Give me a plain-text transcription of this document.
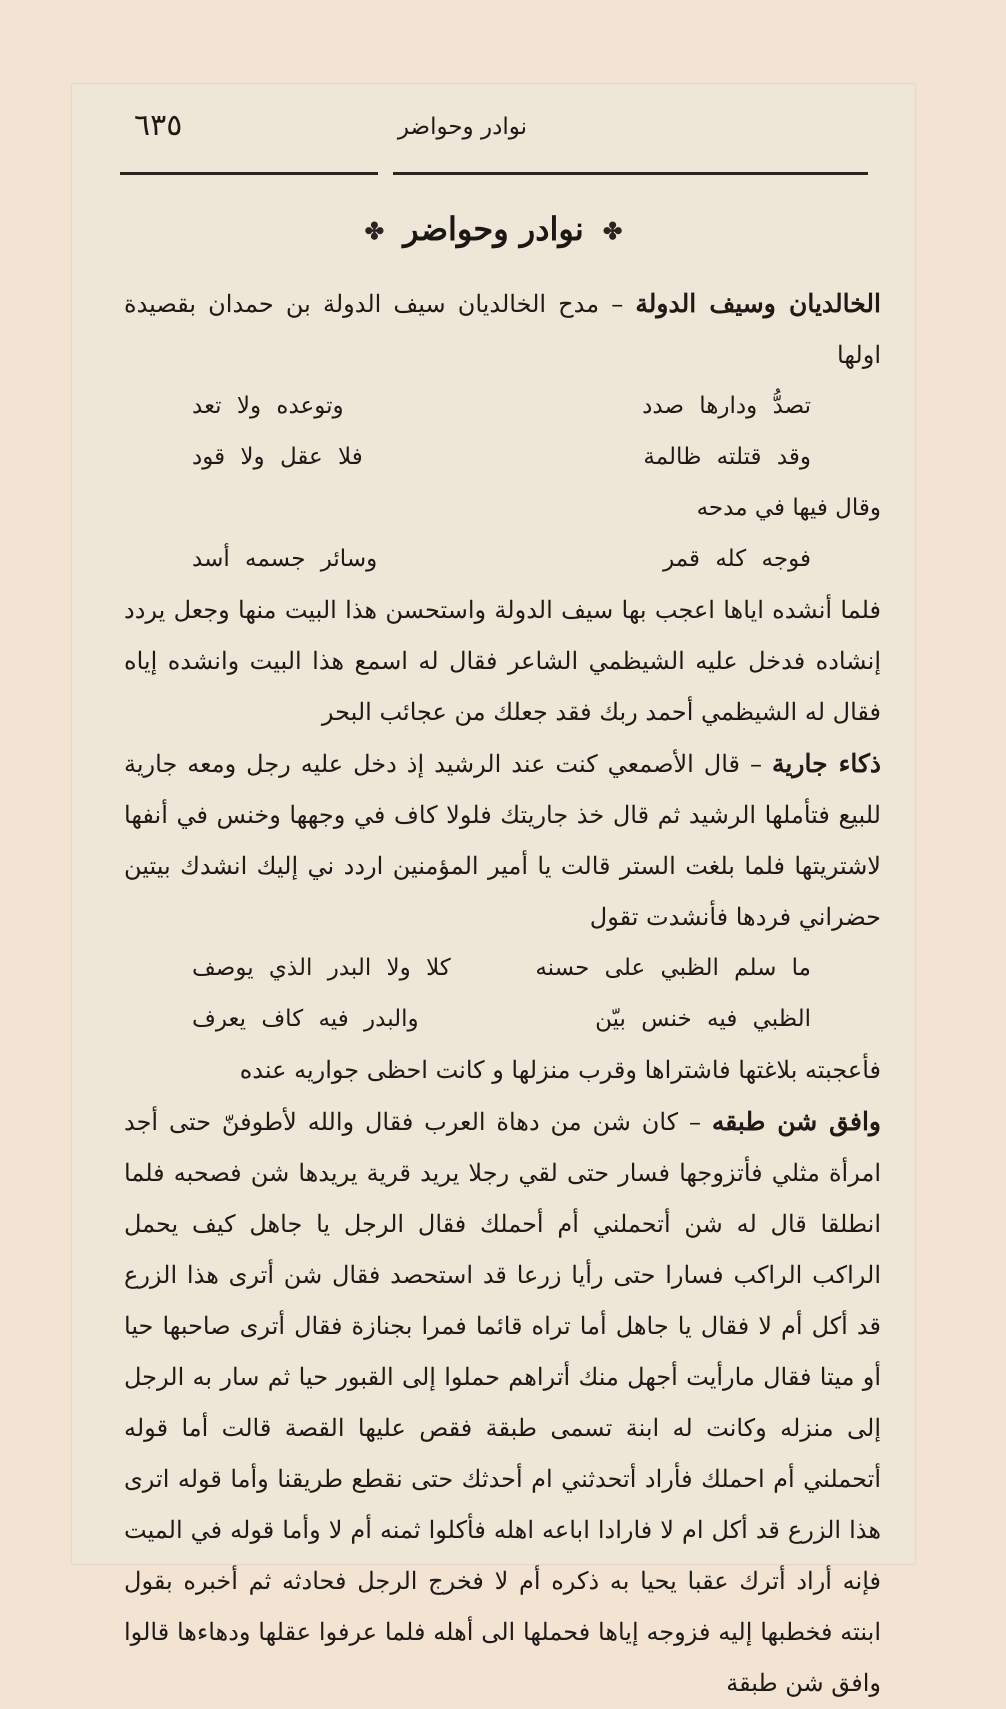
نوادر وحواضر
٦٣٥
✤ نوادر وحواضر ✤

الخالديان وسيف الدولة – مدح الخالديان سيف الدولة بن حمدان بقصيدة اولها

تصدُّ ودارها صدد
وتوعده ولا تعد
وقد قتلته ظالمة
فلا عقل ولا قود

وقال فيها في مدحه

فوجه كله قمر
وسائر جسمه أسد

فلما أنشده اياها اعجب بها سيف الدولة واستحسن هذا البيت منها وجعل يردد إنشاده فدخل عليه الشيظمي الشاعر فقال له اسمع هذا البيت وانشده إياه فقال له الشيظمي أحمد ربك فقد جعلك من عجائب البحر

ذكاء جارية – قال الأصمعي كنت عند الرشيد إذ دخل عليه رجل ومعه جارية للبيع فتأملها الرشيد ثم قال خذ جاريتك فلولا كاف في وجهها وخنس في أنفها لاشتريتها فلما بلغت الستر قالت يا أمير المؤمنين اردد ني إليك انشدك بيتين حضراني فردها فأنشدت تقول

ما سلم الظبي على حسنه
كلا ولا البدر الذي يوصف
الظبي فيه خنس بيّن
والبدر فيه كاف يعرف

فأعجبته بلاغتها فاشتراها وقرب منزلها و كانت احظى جواريه عنده

وافق شن طبقه – كان شن من دهاة العرب فقال والله لأطوفنّ حتى أجد امرأة مثلي فأتزوجها فسار حتى لقي رجلا يريد قرية يريدها شن فصحبه فلما انطلقا قال له شن أتحملني أم أحملك فقال الرجل يا جاهل كيف يحمل الراكب الراكب فسارا حتى رأيا زرعا قد استحصد فقال شن أترى هذا الزرع قد أكل أم لا فقال يا جاهل أما تراه قائما فمرا بجنازة فقال أترى صاحبها حيا أو ميتا فقال مارأيت أجهل منك أتراهم حملوا إلى القبور حيا ثم سار به الرجل إلى منزله وكانت له ابنة تسمى طبقة فقص عليها القصة قالت أما قوله أتحملني أم احملك فأراد أتحدثني ام أحدثك حتى نقطع طريقنا وأما قوله اترى هذا الزرع قد أكل ام لا فارادا اباعه اهله فأكلوا ثمنه أم لا وأما قوله في الميت فإنه أراد أترك عقبا يحيا به ذكره أم لا فخرج الرجل فحادثه ثم أخبره بقول ابنته فخطبها إليه فزوجه إياها فحملها الى أهله فلما عرفوا عقلها ودهاءها قالوا وافق شن طبقة
